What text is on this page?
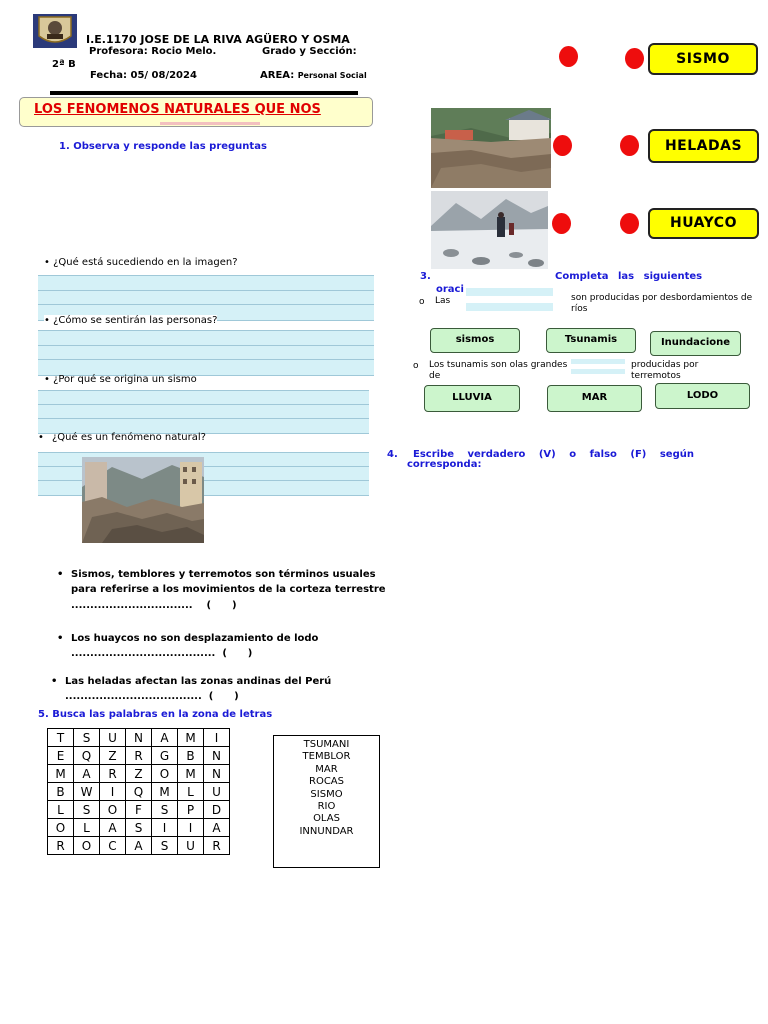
I.E.1170 JOSE DE LA RIVA AGÜERO Y OSMA
Profesora: Rocio Melo.	Grado y Sección:
2ª B
Fecha: 05/ 08/2024	AREA: Personal Social
LOS FENOMENOS NATURALES QUE NOS
1. Observa y responde las preguntas
• ¿Qué está sucediendo en la imagen?
• ¿Cómo se sentirán las personas?
• ¿Por qué se origina un sismo
• ¿Qué es un fenómeno natural?
SISMO
HELADAS
HUAYCO
3.	Completa las siguientes
oraci
o Las	son producidas por desbordamientos de
ríos
sismos	Tsunamis	Inundacione
o Los tsunamis son olas grandes
de
producidas por
terremotos
LLUVIA	MAR	LODO
4. Escribe verdadero (V) o falso (F) según
corresponda:
• Sismos, temblores y terremotos son términos usuales
para referirse a los movimientos de la corteza terrestre
................................    (      )
• Los huaycos no son desplazamiento de lodo
......................................  (      )
• Las heladas afectan las zonas andinas del Perú
....................................  (      )
5. Busca las palabras en la zona de letras
T	S	U	N	A	M	I
E	Q	Z	R	G	B	N
M	A	R	Z	O	M	N
B	W	I	Q	M	L	U
L	S	O	F	S	P	D
O	L	A	S	I	I	A
R	O	C	A	S	U	R
TSUMANI
TEMBLOR
MAR
ROCAS
SISMO
RIO
OLAS
INNUNDAR
